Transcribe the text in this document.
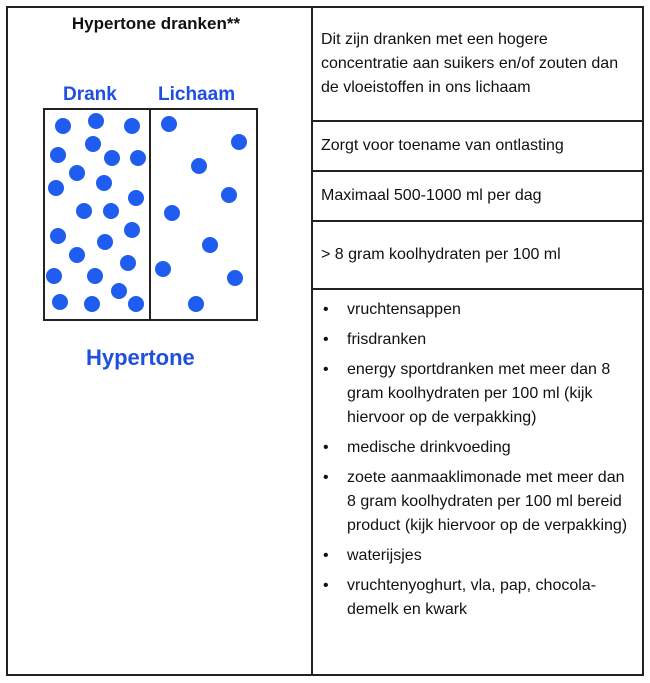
Hypertone dranken**
Drank Lichaam
Hypertone
Dit zijn dranken met een hogere concentratie aan suikers en/of zouten dan de vloeistoffen in ons lichaam
Zorgt voor toename van ontlasting
Maximaal 500-1000 ml per dag
> 8 gram koolhydraten per 100 ml
• vruchtensappen
• frisdranken
• energy sportdranken met meer dan 8 gram koolhydraten per 100 ml (kijk hiervoor op de verpakking)
• medische drinkvoeding
• zoete aanmaaklimonade met meer dan 8 gram koolhydraten per 100 ml bereid product (kijk hiervoor op de verpakking)
• waterijsjes
• vruchtenyoghurt, vla, pap, chocola-demelk en kwark
